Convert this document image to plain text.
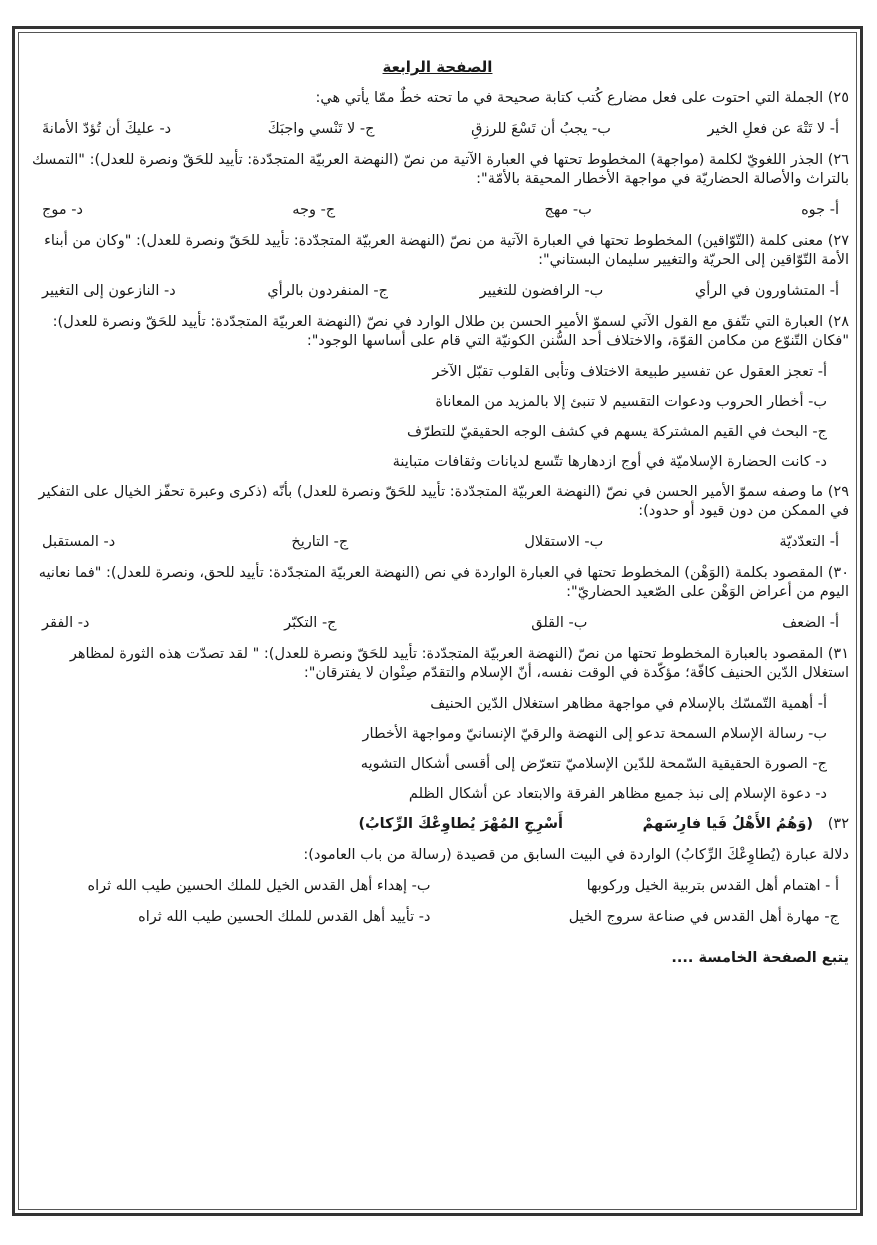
الصفحة الرابعة
٢٥) الجملة التي احتوت على فعل مضارع كُتب كتابة صحيحة في ما تحته خطٌ ممّا يأتي هي:
أ- لا تَتْهَ عن فعلِ الخير
ب- يجبُ أن تَسْعَ للرزقِ
ج- لا تَنْسي واجبَكَ
د- عليكَ أن تُؤدّ الأمانةَ
٢٦) الجذر اللغويّ لكلمة (مواجهة) المخطوط تحتها في العبارة الآتية من نصّ (النهضة العربيّة المتجدّدة: تأييد للحَقّ ونصرة للعدل): "التمسك بالتراث والأصالة الحضاريّة في مواجهة الأخطار المحيقة بالأمّة":
أ- جوه
ب- مهج
ج- وجه
د- موج
٢٧) معنى كلمة (التّوّاقين) المخطوط تحتها في العبارة الآتية من نصّ (النهضة العربيّة المتجدّدة: تأييد للحَقّ ونصرة للعدل): "وكان من أبناء الأمة التّوّاقين إلى الحريّة والتغيير سليمان البستاني":
أ- المتشاورون في الرأي
ب- الرافضون للتغيير
ج- المنفردون بالرأي
د- النازعون إلى التغيير
٢٨) العبارة التي تتّفق مع القول الآتي لسموّ الأمير الحسن بن طلال الوارد في نصّ (النهضة العربيّة المتجدّدة: تأييد للحَقّ ونصرة للعدل): "فكان التّنوّع من مكامن القوّة، والاختلاف أحد السُّنن الكونيّة التي قام على أساسها الوجود":
أ- تعجز العقول عن تفسير طبيعة الاختلاف وتأبى القلوب تقبّل الآخر
ب- أخطار الحروب ودعوات التقسيم لا تنبئ إلا بالمزيد من المعاناة
ج- البحث في القيم المشتركة يسهم في كشف الوجه الحقيقيّ للتطرّف
د- كانت الحضارة الإسلاميّة في أوج ازدهارها تتّسع لديانات وثقافات متباينة
٢٩) ما وصفه سموّ الأمير الحسن في نصّ (النهضة العربيّة المتجدّدة: تأييد للحَقّ ونصرة للعدل) بأنّه (ذكرى وعبرة تحفّز الخيال على التفكير في الممكن من دون قيود أو حدود):
أ- التعدّديّة
ب- الاستقلال
ج- التاريخ
د- المستقبل
٣٠) المقصود بكلمة (الوَهْن) المخطوط تحتها في العبارة الواردة في نص (النهضة العربيّة المتجدّدة: تأييد للحق، ونصرة للعدل): "فما نعانيه اليوم من أعراض الوَهْن على الصّعيد الحضاريّ":
أ- الضعف
ب- القلق
ج- التكبّر
د- الفقر
٣١) المقصود بالعبارة المخطوط تحتها من نصّ (النهضة العربيّة المتجدّدة: تأييد للحَقّ ونصرة للعدل): " لقد تصدّت هذه الثورة لمظاهر استغلال الدّين الحنيف كافّة؛ مؤكّدة في الوقت نفسه، أنّ الإسلام والتقدّم صِنْوان لا يفترقان":
أ- أهمية التّمسّك بالإسلام في مواجهة مظاهر استغلال الدّين الحنيف
ب- رسالة الإسلام السمحة تدعو إلى النهضة والرقيّ الإنسانيّ ومواجهة الأخطار
ج- الصورة الحقيقية السّمحة للدّين الإسلاميّ تتعرّض إلى أقسى أشكال التشويه
د- دعوة الإسلام إلى نبذ جميع مظاهر الفرقة والابتعاد عن أشكال الظلم
٣٢)
(وَهُمُ الأَهْلُ فَيا فارِسَهمْ
أَسْرِجِ المُهْرَ يُطاوِعْكَ الرِّكابُ)
دلالة عبارة (يُطاوِعْكَ الرِّكابُ) الواردة في البيت السابق من قصيدة (رسالة من باب العامود):
أ - اهتمام أهل القدس بتربية الخيل وركوبها
ب- إهداء أهل القدس الخيل للملك الحسين طيب الله ثراه
ج- مهارة أهل القدس في صناعة سروج الخيل
د- تأييد أهل القدس للملك الحسين طيب الله ثراه
يتبع الصفحة الخامسة ....
